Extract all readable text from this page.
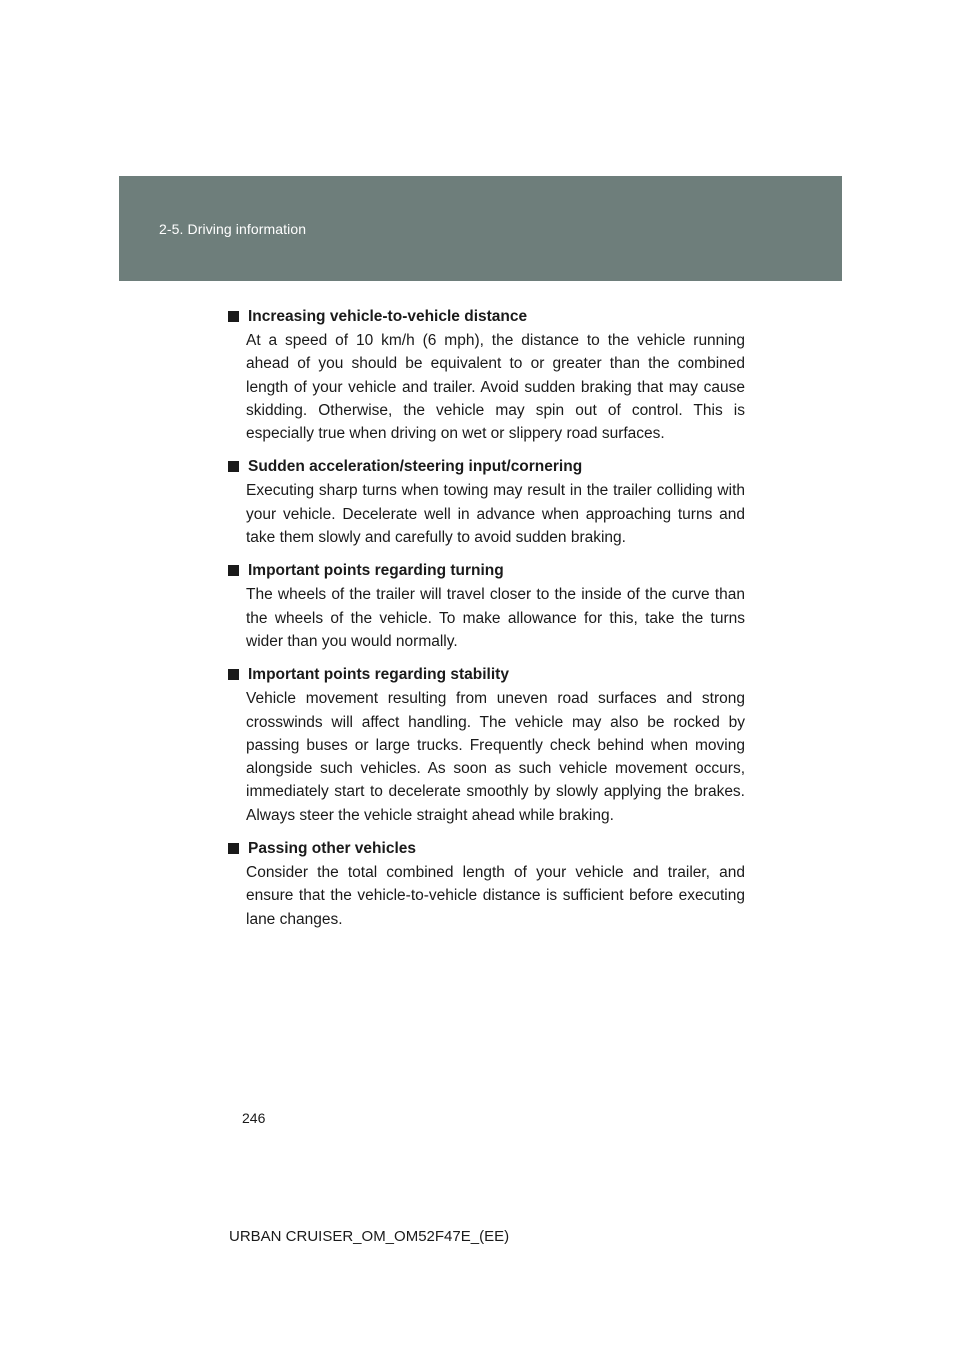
2-5. Driving information
Increasing vehicle-to-vehicle distance

At a speed of 10 km/h (6 mph), the distance to the vehicle running ahead of you should be equivalent to or greater than the combined length of your vehicle and trailer. Avoid sudden braking that may cause skidding. Otherwise, the vehicle may spin out of control. This is especially true when driving on wet or slippery road surfaces.

Sudden acceleration/steering input/cornering

Executing sharp turns when towing may result in the trailer colliding with your vehicle. Decelerate well in advance when approaching turns and take them slowly and carefully to avoid sudden braking.

Important points regarding turning

The wheels of the trailer will travel closer to the inside of the curve than the wheels of the vehicle. To make allowance for this, take the turns wider than you would normally.

Important points regarding stability

Vehicle movement resulting from uneven road surfaces and strong crosswinds will affect handling. The vehicle may also be rocked by passing buses or large trucks. Frequently check behind when moving alongside such vehicles. As soon as such vehicle movement occurs, immediately start to decelerate smoothly by slowly applying the brakes. Always steer the vehicle straight ahead while braking.

Passing other vehicles

Consider the total combined length of your vehicle and trailer, and ensure that the vehicle-to-vehicle distance is sufficient before executing lane changes.

246
URBAN CRUISER_OM_OM52F47E_(EE)
